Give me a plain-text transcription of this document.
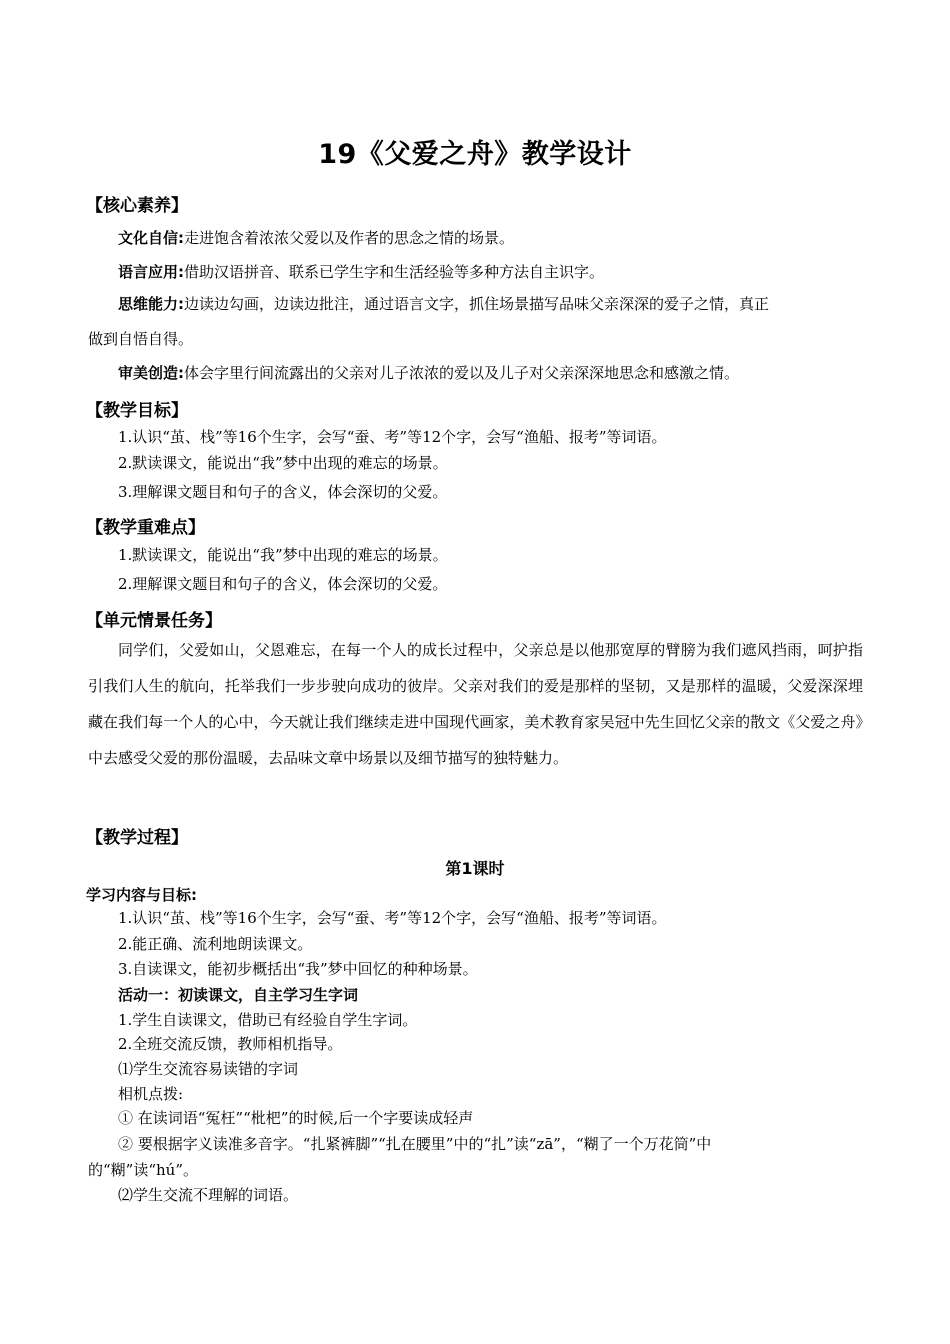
19《父爱之舟》教学设计
【核心素养】
文化自信:走进饱含着浓浓父爱以及作者的思念之情的场景。
语言应用:借助汉语拼音、联系已学生字和生活经验等多种方法自主识字。
思维能力:边读边勾画，边读边批注，通过语言文字，抓住场景描写品味父亲深深的爱子之情，真正
做到自悟自得。
审美创造:体会字里行间流露出的父亲对儿子浓浓的爱以及儿子对父亲深深地思念和感激之情。
【教学目标】
1.认识“茧、栈”等16个生字，会写“蚕、考”等12个字，会写“渔船、报考”等词语。
2.默读课文，能说出“我”梦中出现的难忘的场景。
3.理解课文题目和句子的含义，体会深切的父爱。
【教学重难点】
1.默读课文，能说出“我”梦中出现的难忘的场景。
2.理解课文题目和句子的含义，体会深切的父爱。
【单元情景任务】
同学们，父爱如山，父恩难忘，在每一个人的成长过程中，父亲总是以他那宽厚的臂膀为我们遮风挡雨，呵护指引我们人生的航向，托举我们一步步驶向成功的彼岸。父亲对我们的爱是那样的坚韧，又是那样的温暖，父爱深深埋藏在我们每一个人的心中，今天就让我们继续走进中国现代画家，美术教育家吴冠中先生回忆父亲的散文《父爱之舟》中去感受父爱的那份温暖，去品味文章中场景以及细节描写的独特魅力。
【教学过程】
第1课时
学习内容与目标:
1.认识“茧、栈”等16个生字，会写“蚕、考”等12个字，会写“渔船、报考”等词语。
2.能正确、流利地朗读课文。
3.自读课文，能初步概括出“我”梦中回忆的种种场景。
活动一：初读课文，自主学习生字词
1.学生自读课文，借助已有经验自学生字词。
2.全班交流反馈，教师相机指导。
⑴学生交流容易读错的字词
相机点拨:
① 在读词语“冤枉”“枇杷”的时候,后一个字要读成轻声
② 要根据字义读准多音字。“扎紧裤脚”“扎在腰里”中的“扎”读“zā”，“糊了一个万花筒”中
的“糊”读“hú”。
⑵学生交流不理解的词语。
